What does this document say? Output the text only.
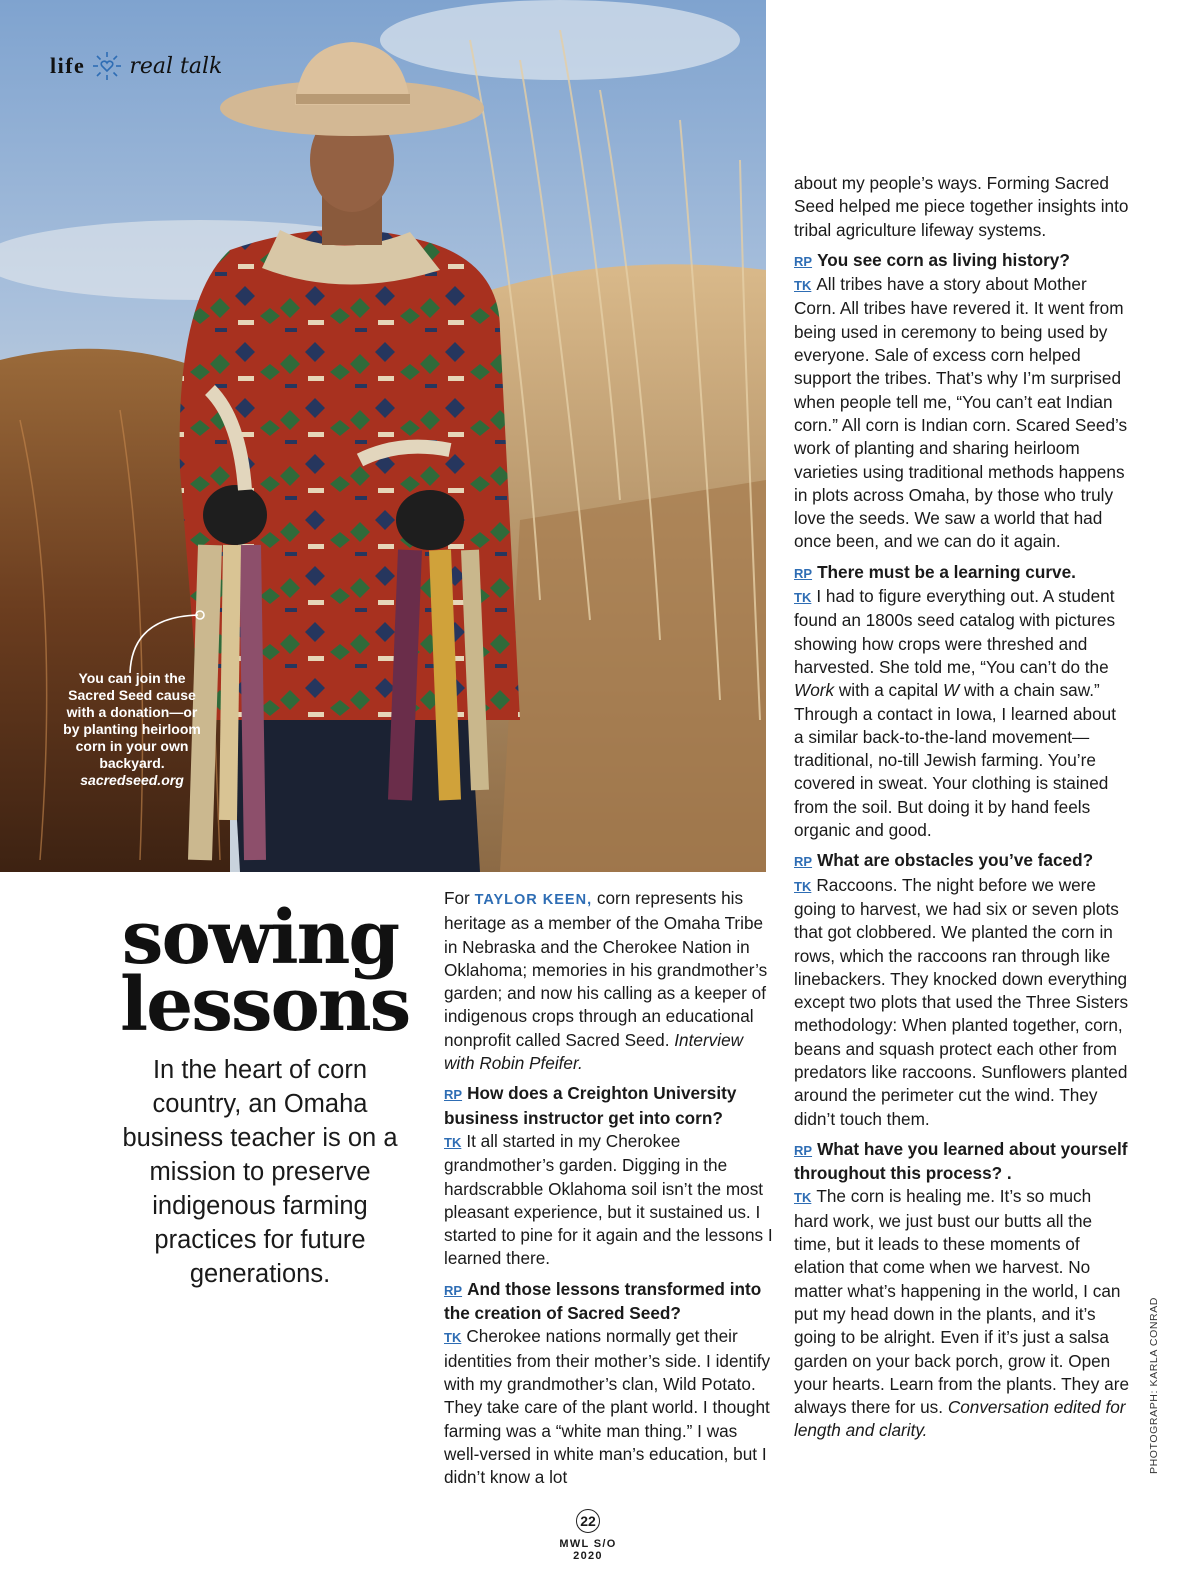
life real talk
You can join the Sacred Seed cause with a donation—or by planting heirloom corn in your own backyard.
sacredseed.org
sowing
lessons
In the heart of corn country, an Omaha business teacher is on a mission to preserve indigenous farming practices for future generations.

For TAYLOR KEEN, corn represents his heritage as a member of the Omaha Tribe in Nebraska and the Cherokee Nation in Oklahoma; memories in his grandmother’s garden; and now his calling as a keeper of indigenous crops through an educational nonprofit called Sacred Seed. Interview with Robin Pfeifer.

RP How does a Creighton University business instructor get into corn?
TK It all started in my Cherokee grandmother’s garden. Digging in the hardscrabble Oklahoma soil isn’t the most pleasant experience, but it sustained us. I started to pine for it again and the lessons I learned there.

RP And those lessons transformed into the creation of Sacred Seed?
TK Cherokee nations normally get their identities from their mother’s side. I identify with my grandmother’s clan, Wild Potato. They take care of the plant world. I thought farming was a “white man thing.” I was well-versed in white man’s education, but I didn’t know a lot

about my people’s ways. Forming Sacred Seed helped me piece together insights into tribal agriculture lifeway systems.

RP You see corn as living history?
TK All tribes have a story about Mother Corn. All tribes have revered it. It went from being used in ceremony to being used by everyone. Sale of excess corn helped support the tribes. That’s why I’m surprised when people tell me, “You can’t eat Indian corn.” All corn is Indian corn. Scared Seed’s work of planting and sharing heirloom varieties using traditional methods happens in plots across Omaha, by those who truly love the seeds. We saw a world that had once been, and we can do it again.

RP There must be a learning curve.
TK I had to figure everything out. A student found an 1800s seed catalog with pictures showing how crops were threshed and harvested. She told me, “You can’t do the Work with a capital W with a chain saw.” Through a contact in Iowa, I learned about a similar back-to-the-land movement—traditional, no-till Jewish farming. You’re covered in sweat. Your clothing is stained from the soil. But doing it by hand feels organic and good.

RP What are obstacles you’ve faced?
TK Raccoons. The night before we were going to harvest, we had six or seven plots that got clobbered. We planted the corn in rows, which the raccoons ran through like linebackers. They knocked down everything except two plots that used the Three Sisters methodology: When planted together, corn, beans and squash protect each other from predators like raccoons. Sunflowers planted around the perimeter cut the wind. They didn’t touch them.

RP What have you learned about yourself throughout this process? .
TK The corn is healing me. It’s so much hard work, we just bust our butts all the time, but it leads to these moments of elation that come when we harvest. No matter what’s happening in the world, I can put my head down in the plants, and it’s going to be alright. Even if it’s just a salsa garden on your back porch, grow it. Open your hearts. Learn from the plants. They are always there for us. Conversation edited for length and clarity.	PHOTOGRAPH: KARLA CONRAD
22
MWL S/O 2020
